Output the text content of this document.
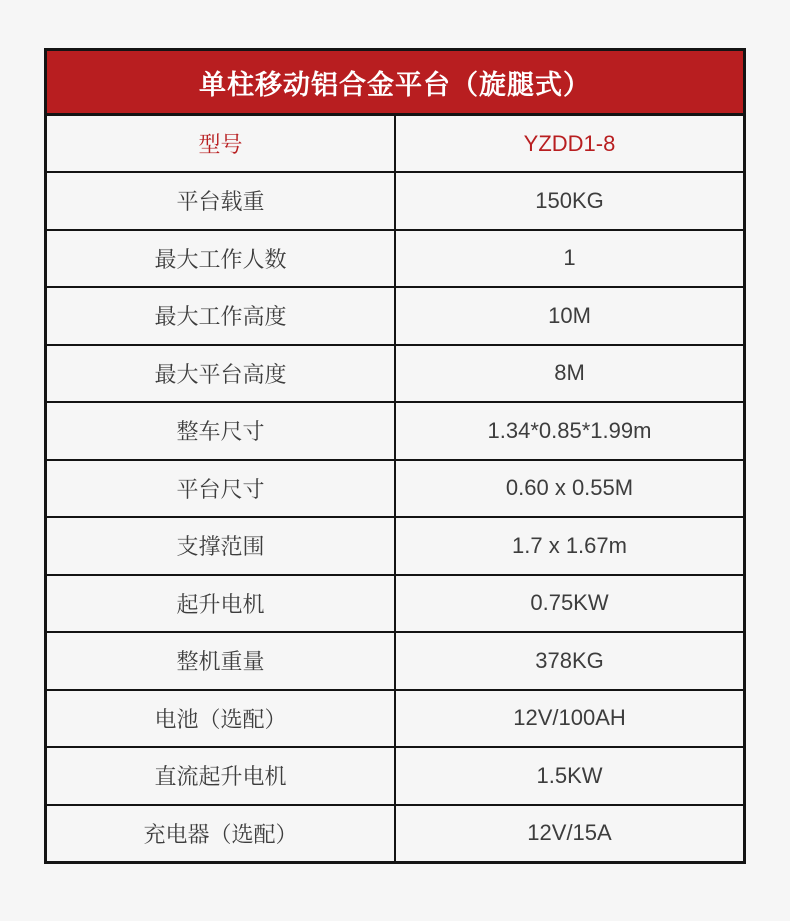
单柱移动铝合金平台（旋腿式）	
型号	YZDD1-8
平台载重	150KG
最大工作人数	1
最大工作高度	10M
最大平台高度	8M
整车尺寸	1.34*0.85*1.99m
平台尺寸	0.60 x 0.55M
支撑范围	1.7 x 1.67m
起升电机	0.75KW
整机重量	378KG
电池（选配）	12V/100AH
直流起升电机	1.5KW
充电器（选配）	12V/15A
